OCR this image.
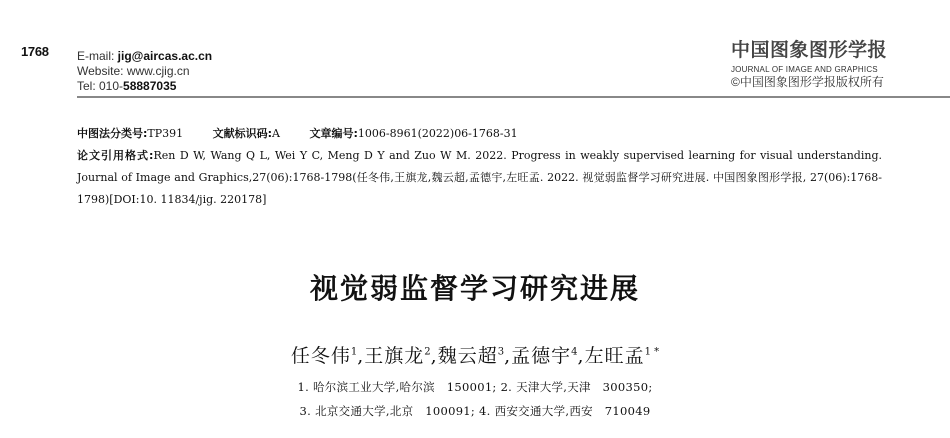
1768 E-mail: jig@aircas.ac.cn
Website: www.cjig.cn
Tel: 010-58887035
中国图象图形学报
JOURNAL OF IMAGE AND GRAPHICS
©中国图象图形学报版权所有
中图法分类号:TP391	文献标识码:A	文章编号:1006-8961(2022)06-1768-31
论文引用格式:Ren D W, Wang Q L, Wei Y C, Meng D Y and Zuo W M. 2022. Progress in weakly supervised learning for visual understanding. Journal of Image and Graphics,27(06):1768-1798(任冬伟,王旗龙,魏云超,孟德宇,左旺孟. 2022. 视觉弱监督学习研究进展. 中国图象图形学报, 27(06):1768-1798)[DOI:10. 11834/jig. 220178]
视觉弱监督学习研究进展
任冬伟$^1$,王旗龙$^2$,魏云超$^3$,孟德宇$^4$,左旺孟$^{1 *}$
1. 哈尔滨工业大学,哈尔滨　150001; 2. 天津大学,天津　300350;
3. 北京交通大学,北京　100091; 4. 西安交通大学,西安　710049
